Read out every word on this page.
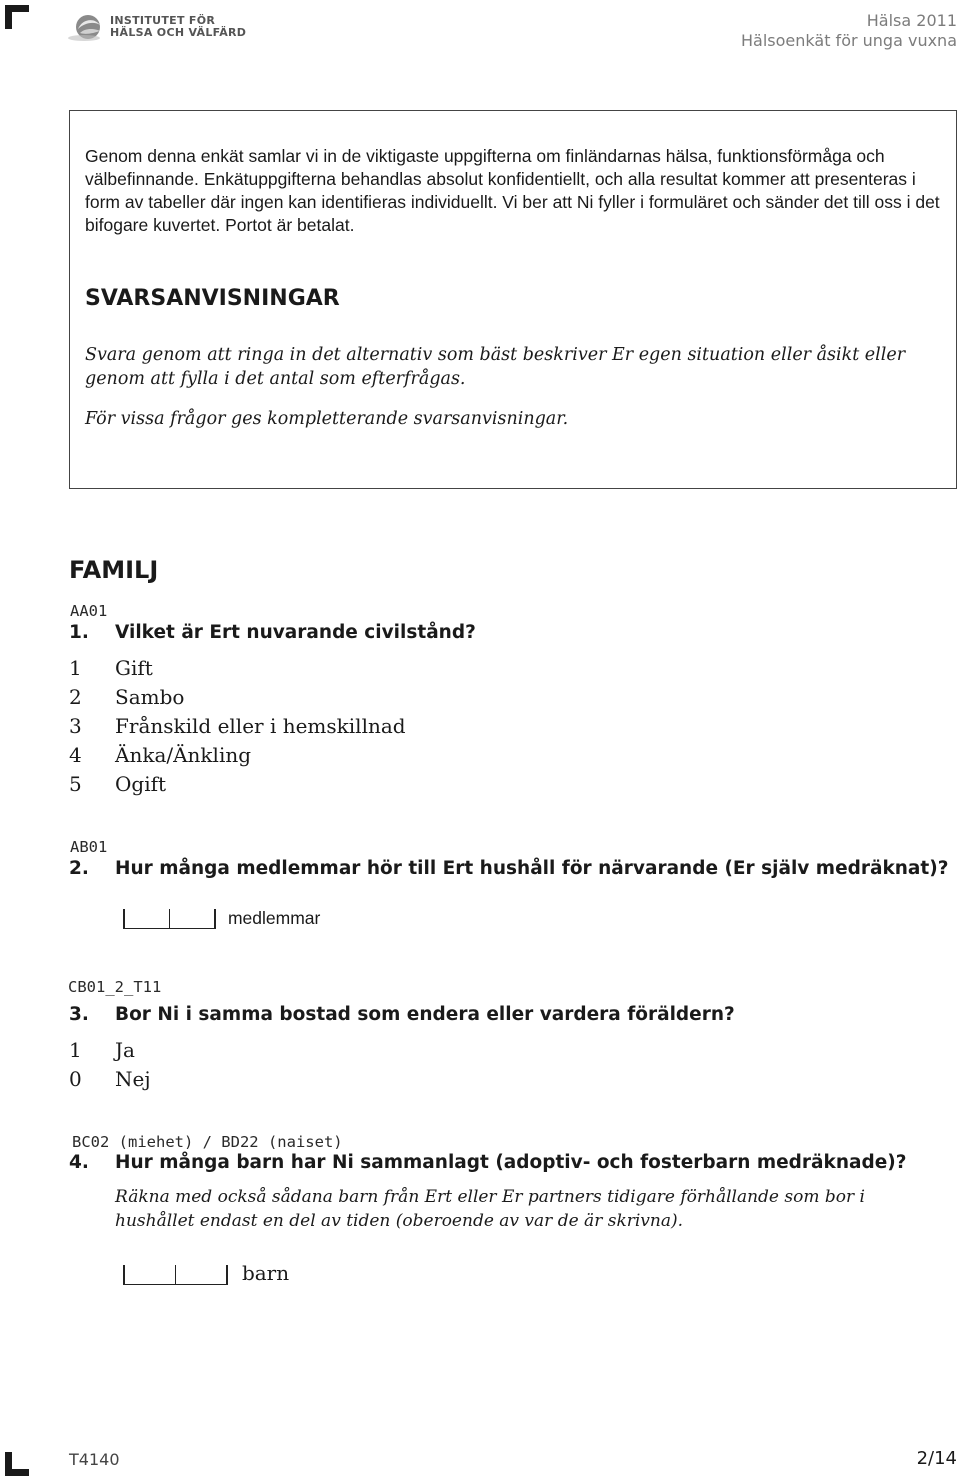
INSTITUTET FÖR
HÄLSA OCH VÄLFÄRD
Hälsa 2011
Hälsoenkät för unga vuxna
Genom denna enkät samlar vi in de viktigaste uppgifterna om finländarnas hälsa, funktionsförmåga och välbefinnande. Enkätuppgifterna behandlas absolut konfidentiellt, och alla resultat kommer att presenteras i form av tabeller där ingen kan identifieras individuellt. Vi ber att Ni fyller i formuläret och sänder det till oss i det bifogare kuvertet. Portot är betalat.
SVARSANVISNINGAR
Svara genom att ringa in det alternativ som bäst beskriver Er egen situation eller åsikt eller genom att fylla i det antal som efterfrågas.
För vissa frågor ges kompletterande svarsanvisningar.
FAMILJ
AA01
1. Vilket är Ert nuvarande civilstånd?
1 Gift
2 Sambo
3 Frånskild eller i hemskillnad
4 Änka/Änkling
5 Ogift
AB01
2. Hur många medlemmar hör till Ert hushåll för närvarande (Er själv medräknat)?
medlemmar
CB01_2_T11
3. Bor Ni i samma bostad som endera eller vardera föräldern?
1 Ja
0 Nej
BC02 (miehet) / BD22 (naiset)
4. Hur många barn har Ni sammanlagt (adoptiv- och fosterbarn medräknade)?
Räkna med också sådana barn från Ert eller Er partners tidigare förhållande som bor i hushållet endast en del av tiden (oberoende av var de är skrivna).
barn
T4140	2/14
